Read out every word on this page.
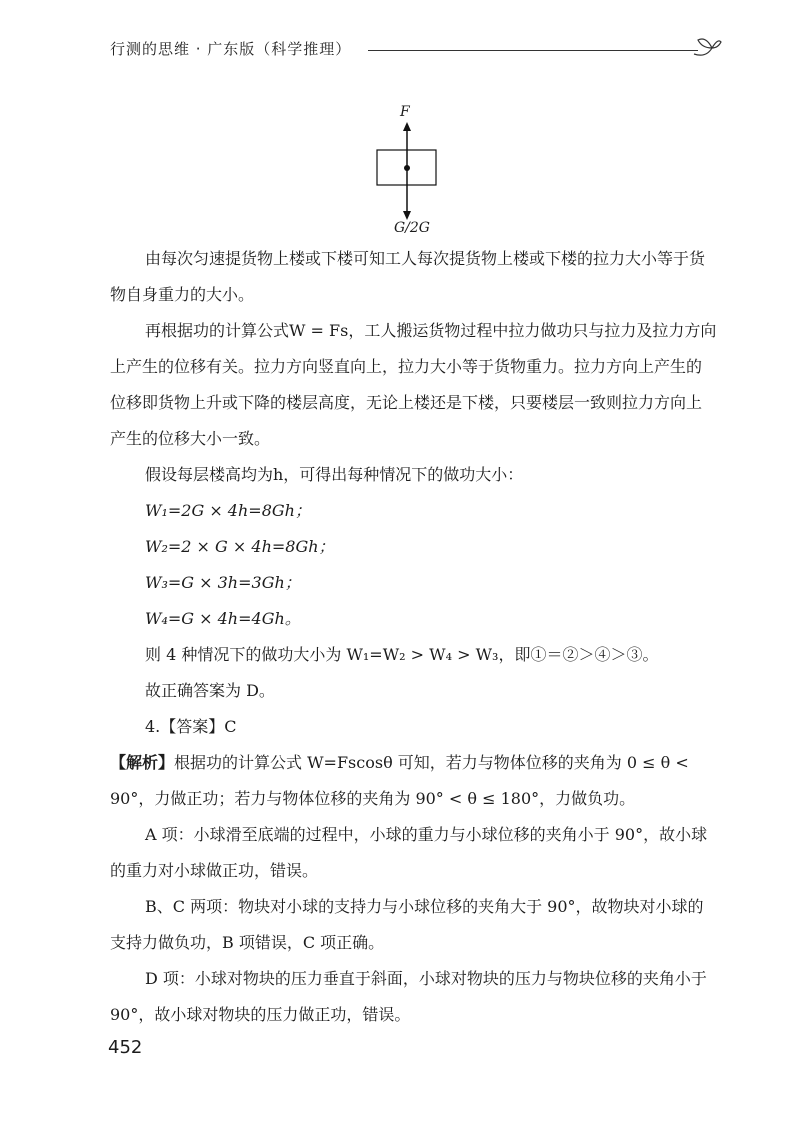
行测的思维 · 广东版（科学推理）
F
G/2G
由每次匀速提货物上楼或下楼可知工人每次提货物上楼或下楼的拉力大小等于货
物自身重力的大小。
再根据功的计算公式W = Fs，工人搬运货物过程中拉力做功只与拉力及拉力方向
上产生的位移有关。拉力方向竖直向上，拉力大小等于货物重力。拉力方向上产生的
位移即货物上升或下降的楼层高度，无论上楼还是下楼，只要楼层一致则拉力方向上
产生的位移大小一致。
假设每层楼高均为h，可得出每种情况下的做功大小：
W₁=2G × 4h=8Gh；
W₂=2 × G × 4h=8Gh；
W₃=G × 3h=3Gh；
W₄=G × 4h=4Gh。
则 4 种情况下的做功大小为 W₁=W₂ > W₄ > W₃，即①＝②＞④＞③。
故正确答案为 D。
4.【答案】C
【解析】根据功的计算公式 W=Fscosθ 可知，若力与物体位移的夹角为 0 ≤ θ <
90°，力做正功；若力与物体位移的夹角为 90° < θ ≤ 180°，力做负功。
A 项：小球滑至底端的过程中，小球的重力与小球位移的夹角小于 90°，故小球
的重力对小球做正功，错误。
B、C 两项：物块对小球的支持力与小球位移的夹角大于 90°，故物块对小球的
支持力做负功，B 项错误，C 项正确。
D 项：小球对物块的压力垂直于斜面，小球对物块的压力与物块位移的夹角小于
90°，故小球对物块的压力做正功，错误。
452
